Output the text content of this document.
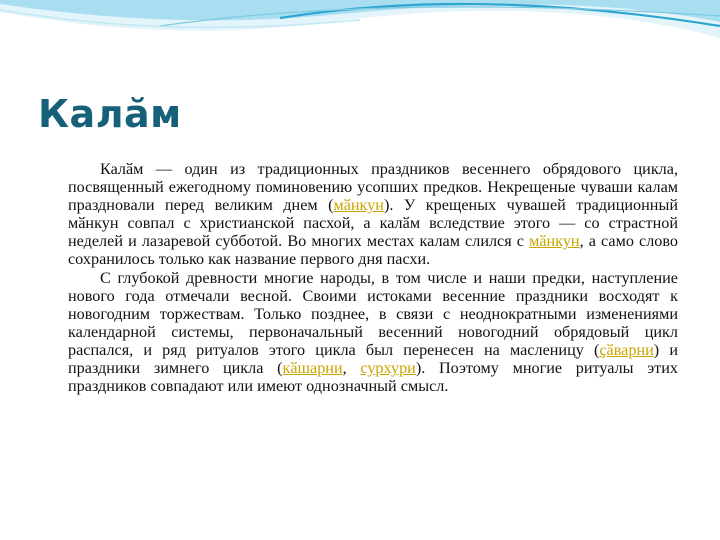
Калӑм

Калӑм — один из традиционных праздников весеннего обрядового цикла, посвященный ежегодному поминовению усопших предков. Некрещеные чуваши калам праздновали перед великим днем (мӑнкун). У крещеных чувашей традиционный мӑнкун совпал с христианской пасхой, а калӑм вследствие этого — со страстной неделей и лазаревой субботой. Во многих местах калам слился с мӑнкун, а само слово сохранилось только как название первого дня пасхи.

С глубокой древности многие народы, в том числе и наши предки, наступление нового года отмечали весной. Своими истоками весенние праздники восходят к новогодним торжествам. Только позднее, в связи с неоднократными изменениями календарной системы, первоначальный весенний новогодний обрядовый цикл распался, и ряд ритуалов этого цикла был перенесен на масленицу (ҫӑварни) и праздники зимнего цикла (кӑшарни, сурхури). Поэтому многие ритуалы этих праздников совпадают или имеют однозначный смысл.
